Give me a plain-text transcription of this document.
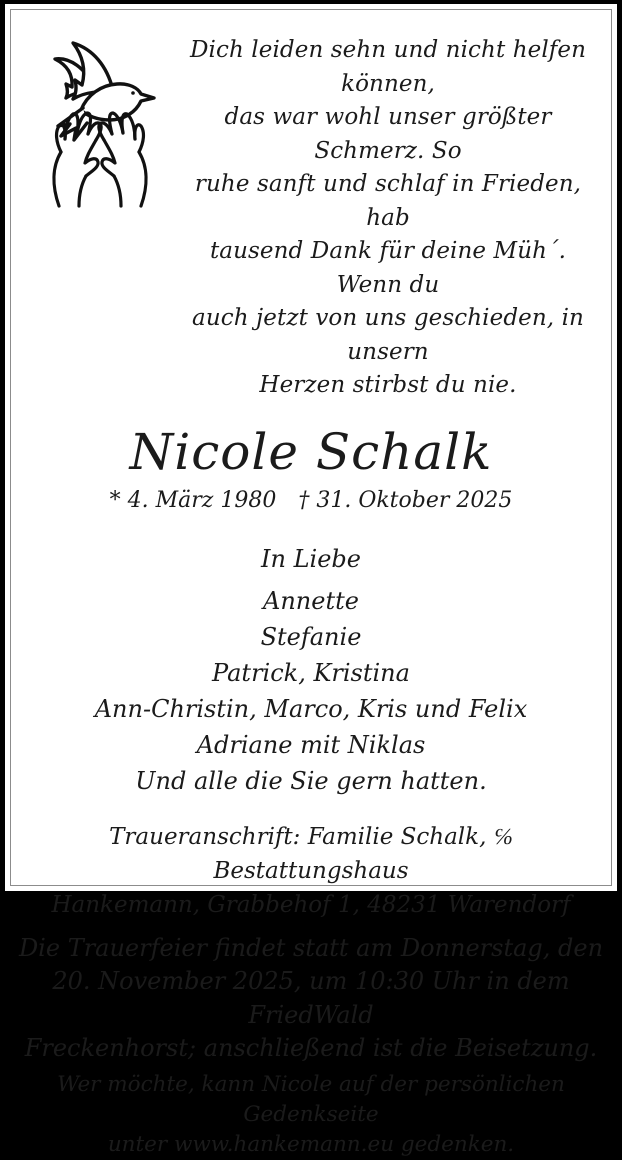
Dich leiden sehn und nicht helfen können,
das war wohl unser größter Schmerz. So
ruhe sanft und schlaf in Frieden, hab
tausend Dank für deine Müh´. Wenn du
auch jetzt von uns geschieden, in unsern
Herzen stirbst du nie.
Nicole Schalk
* 4. März 1980 † 31. Oktober 2025
In Liebe
Annette
Stefanie
Patrick, Kristina
Ann-Christin, Marco, Kris und Felix
Adriane mit Niklas
Und alle die Sie gern hatten.
Traueranschrift: Familie Schalk, ℅ Bestattungshaus
Hankemann, Grabbehof 1, 48231 Warendorf
Die Trauerfeier findet statt am Donnerstag, den
20. November 2025, um 10:30 Uhr in dem FriedWald
Freckenhorst; anschließend ist die Beisetzung.
Wer möchte, kann Nicole auf der persönlichen Gedenkseite
unter www.hankemann.eu gedenken.
